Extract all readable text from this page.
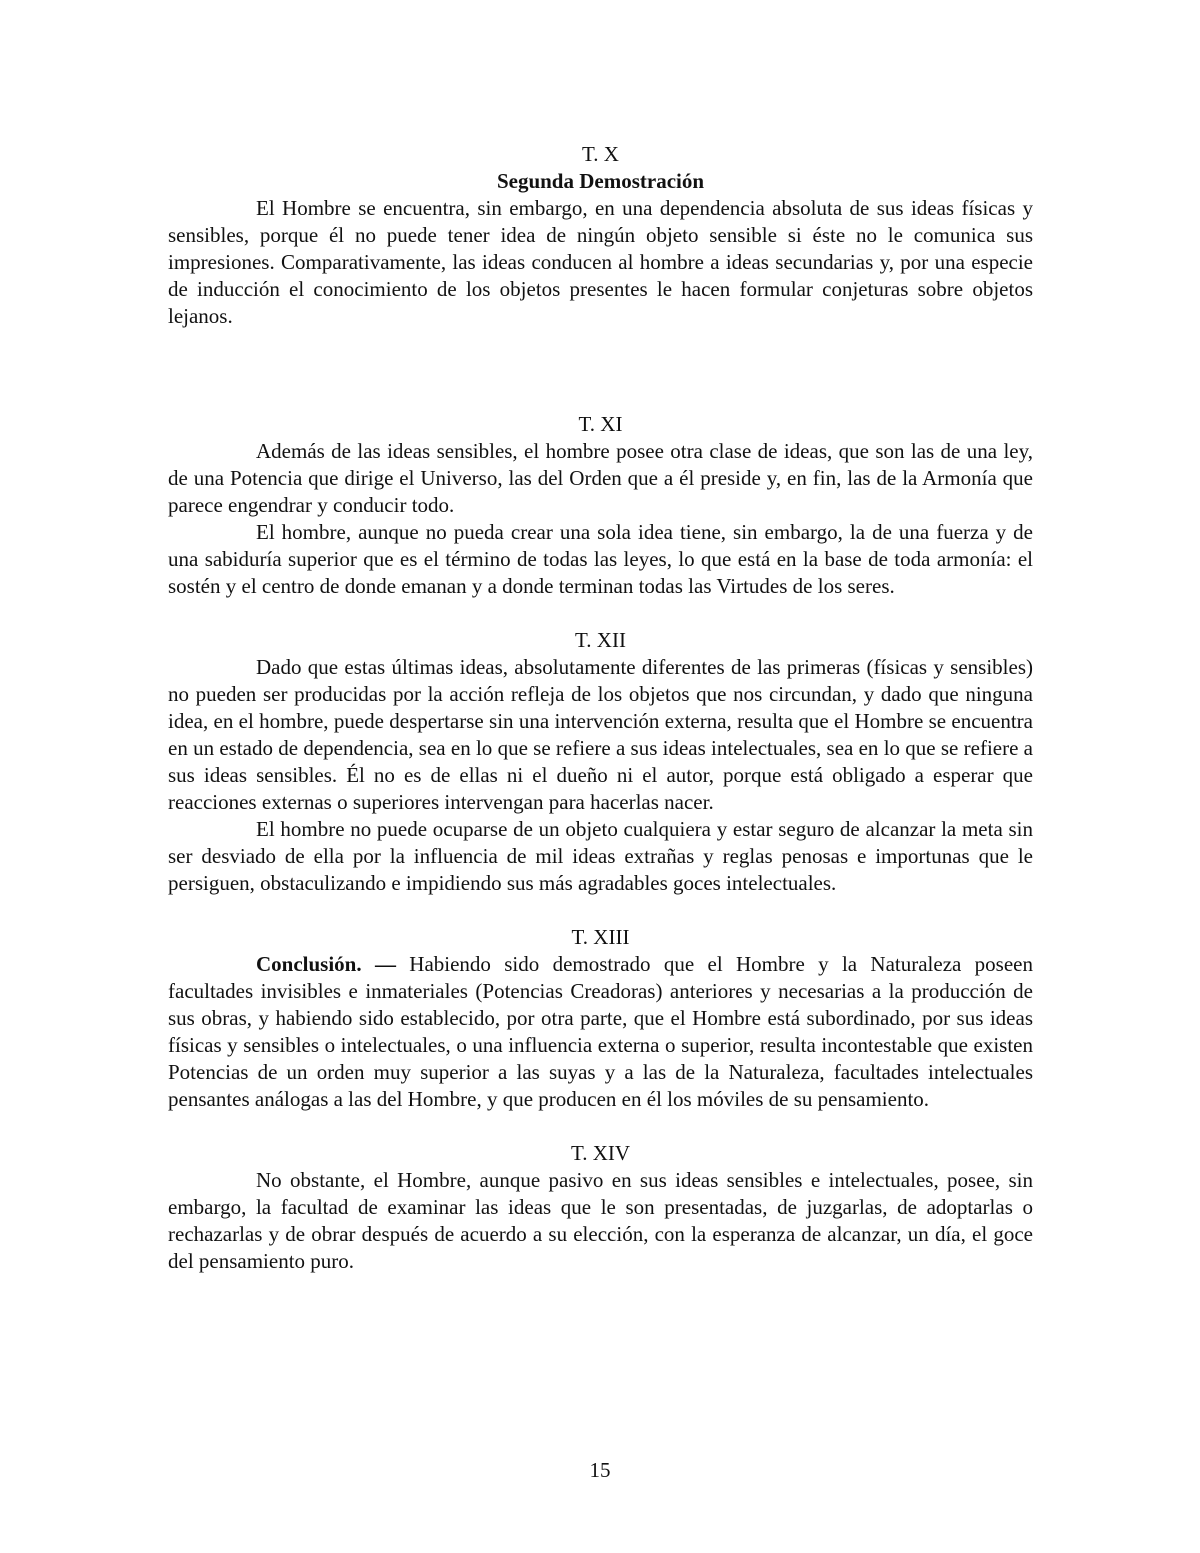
T. X
Segunda Demostración

El Hombre se encuentra, sin embargo, en una dependencia absoluta de sus ideas físicas y sensibles, porque él no puede tener idea de ningún objeto sensible si éste no le comunica sus impresiones. Comparativamente, las ideas conducen al hombre a ideas secundarias y, por una especie de inducción el conocimiento de los objetos presentes le hacen formular conjeturas sobre objetos lejanos.

T. XI

Además de las ideas sensibles, el hombre posee otra clase de ideas, que son las de una ley, de una Potencia que dirige el Universo, las del Orden que a él preside y, en fin, las de la Armonía que parece engendrar y conducir todo.

El hombre, aunque no pueda crear una sola idea tiene, sin embargo, la de una fuerza y de una sabiduría superior que es el término de todas las leyes, lo que está en la base de toda armonía: el sostén y el centro de donde emanan y a donde terminan todas las Virtudes de los seres.

T. XII

Dado que estas últimas ideas, absolutamente diferentes de las primeras (físicas y sensibles) no pueden ser producidas por la acción refleja de los objetos que nos circundan, y dado que ninguna idea, en el hombre, puede despertarse sin una intervención externa, resulta que el Hombre se encuentra en un estado de dependencia, sea en lo que se refiere a sus ideas intelectuales, sea en lo que se refiere a sus ideas sensibles. Él no es de ellas ni el dueño ni el autor, porque está obligado a esperar que reacciones externas o superiores intervengan para hacerlas nacer.

El hombre no puede ocuparse de un objeto cualquiera y estar seguro de alcanzar la meta sin ser desviado de ella por la influencia de mil ideas extrañas y reglas penosas e importunas que le persiguen, obstaculizando e impidiendo sus más agradables goces intelectuales.

T. XIII

Conclusión. — Habiendo sido demostrado que el Hombre y la Naturaleza poseen facultades invisibles e inmateriales (Potencias Creadoras) anteriores y necesarias a la producción de sus obras, y habiendo sido establecido, por otra parte, que el Hombre está subordinado, por sus ideas físicas y sensibles o intelectuales, o una influencia externa o superior, resulta incontestable que existen Potencias de un orden muy superior a las suyas y a las de la Naturaleza, facultades intelectuales pensantes análogas a las del Hombre, y que producen en él los móviles de su pensamiento.

T. XIV

No obstante, el Hombre, aunque pasivo en sus ideas sensibles e intelectuales, posee, sin embargo, la facultad de examinar las ideas que le son presentadas, de juzgarlas, de adoptarlas o rechazarlas y de obrar después de acuerdo a su elección, con la esperanza de alcanzar, un día, el goce del pensamiento puro.

15
